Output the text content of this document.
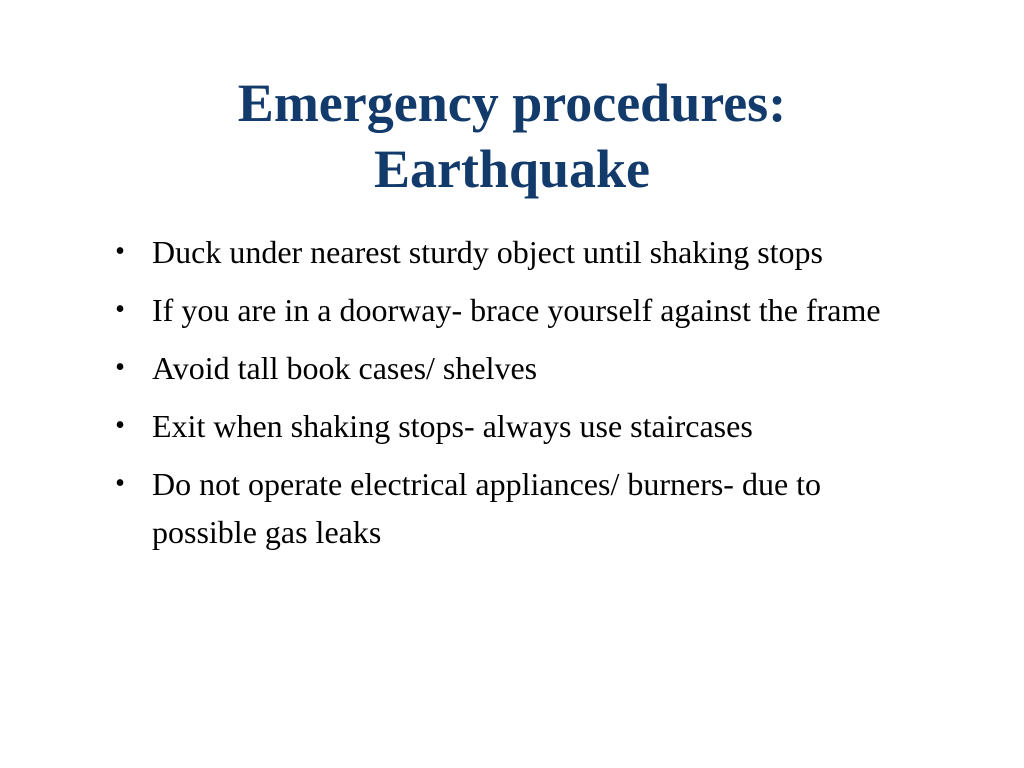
Emergency procedures:
Earthquake
• Duck under nearest sturdy object until shaking stops
• If you are in a doorway- brace yourself against the frame
• Avoid tall book cases/ shelves
• Exit when shaking stops- always use staircases
• Do not operate electrical appliances/ burners- due to possible gas leaks
